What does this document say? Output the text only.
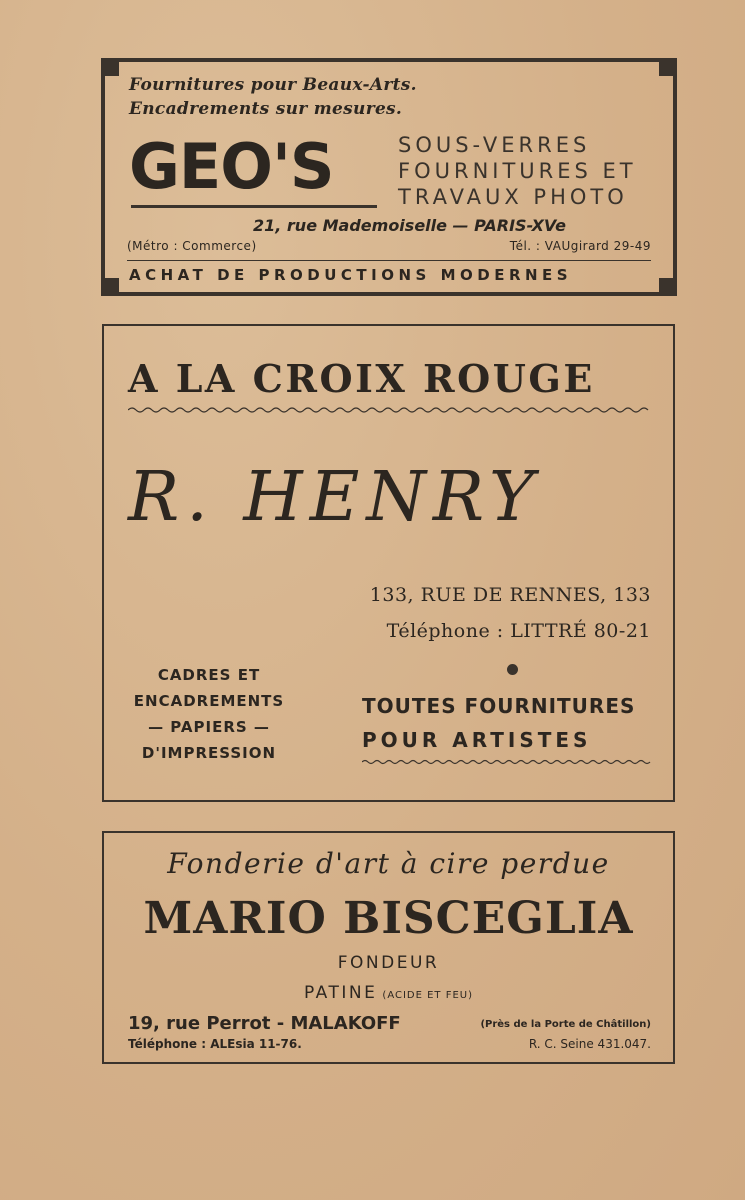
Fournitures pour Beaux-Arts.
Encadrements sur mesures.
GEO'S	SOUS-VERRES
FOURNITURES ET
TRAVAUX PHOTO
21, rue Mademoiselle — PARIS-XVe
(Métro : Commerce)	Tél. : VAUgirard 29-49
ACHAT DE PRODUCTIONS MODERNES
A LA CROIX ROUGE
R. HENRY
133, RUE DE RENNES, 133
Téléphone : LITTRÉ 80-21
CADRES ET
ENCADREMENTS
— PAPIERS —
D'IMPRESSION
TOUTES FOURNITURES
POUR ARTISTES
Fonderie d'art à cire perdue
MARIO BISCEGLIA
FONDEUR
PATINE (ACIDE ET FEU)
19, rue Perrot - MALAKOFF	(Près de la Porte de Châtillon)
Téléphone : ALEsia 11-76.	R. C. Seine 431.047.
